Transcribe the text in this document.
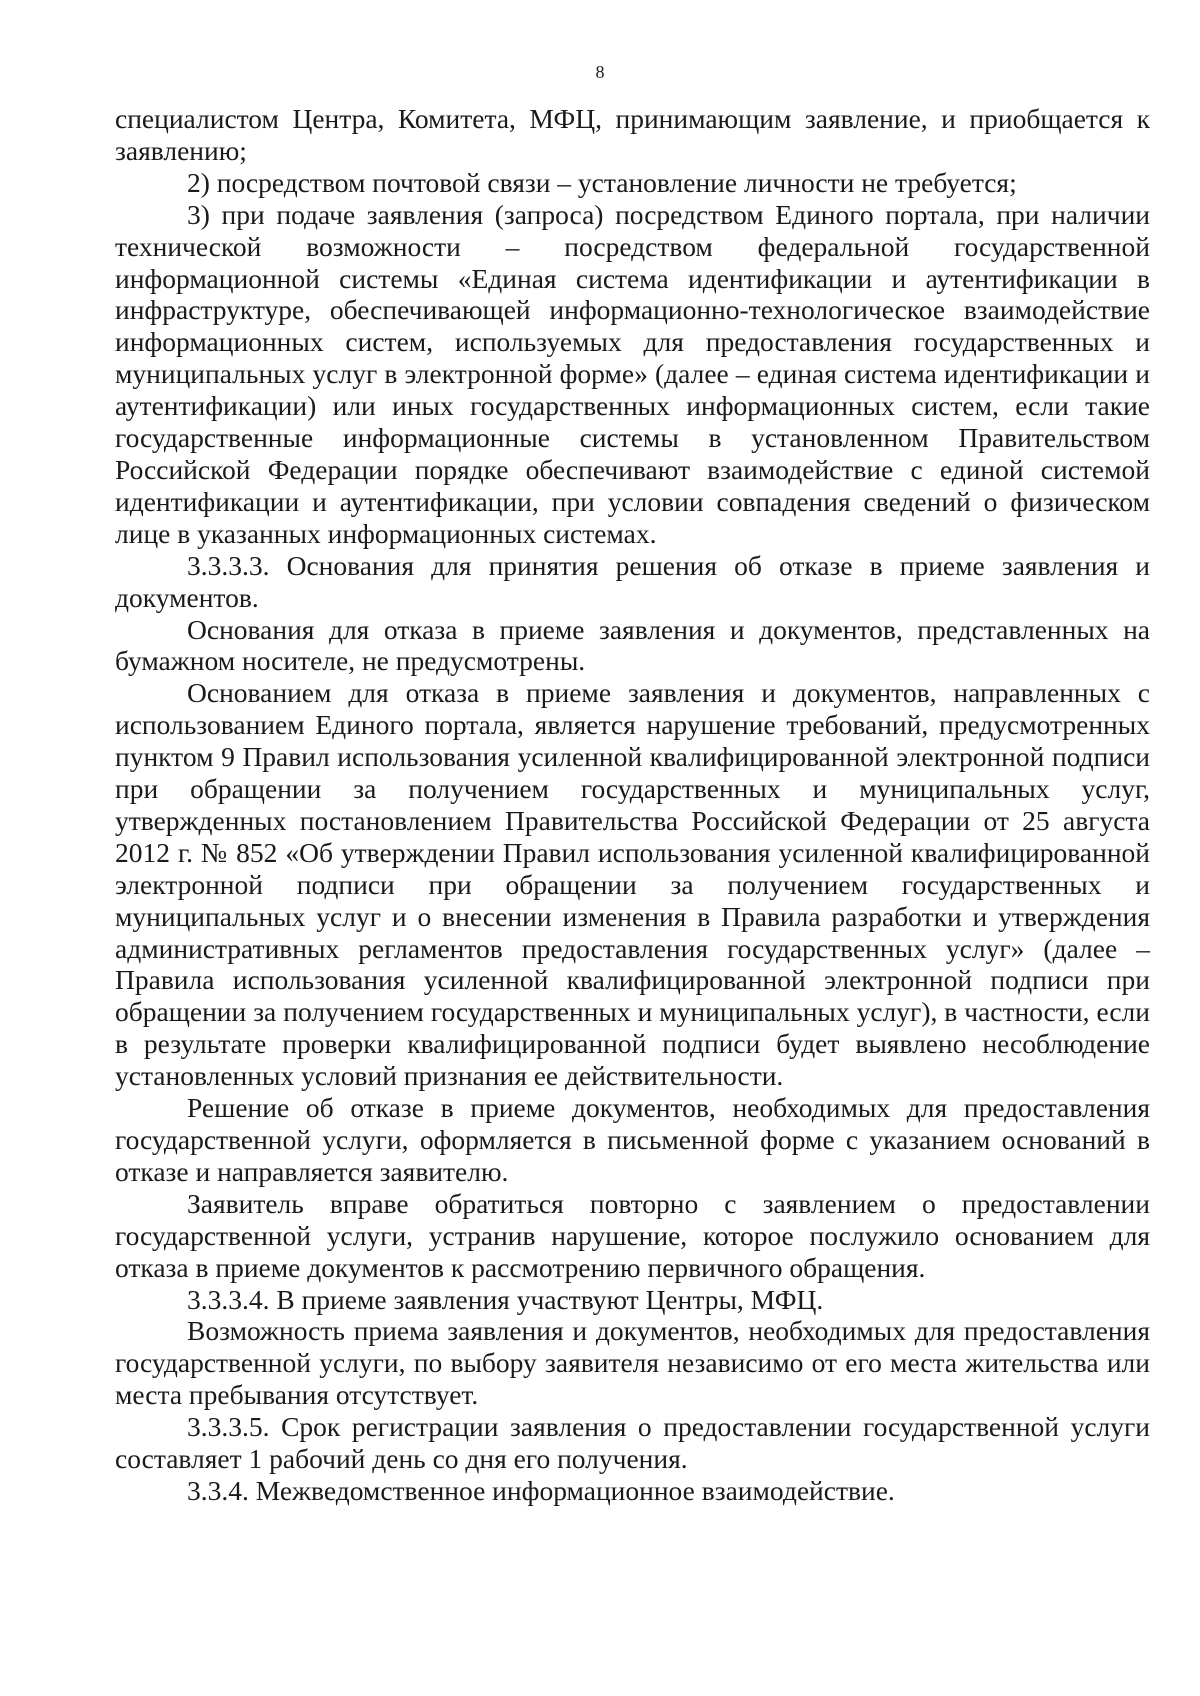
8

специалистом Центра, Комитета, МФЦ, принимающим заявление, и приобщается к заявлению;

2) посредством почтовой связи – установление личности не требуется;

3) при подаче заявления (запроса) посредством Единого портала, при наличии технической возможности – посредством федеральной государственной информационной системы «Единая система идентификации и аутентификации в инфраструктуре, обеспечивающей информационно-технологическое взаимодействие информационных систем, используемых для предоставления государственных и муниципальных услуг в электронной форме» (далее – единая система идентификации и аутентификации) или иных государственных информационных систем, если такие государственные информационные системы в установленном Правительством Российской Федерации порядке обеспечивают взаимодействие с единой системой идентификации и аутентификации, при условии совпадения сведений о физическом лице в указанных информационных системах.

3.3.3.3. Основания для принятия решения об отказе в приеме заявления и документов.

Основания для отказа в приеме заявления и документов, представленных на бумажном носителе, не предусмотрены.

Основанием для отказа в приеме заявления и документов, направленных с использованием Единого портала, является нарушение требований, предусмотренных пунктом 9 Правил использования усиленной квалифицированной электронной подписи при обращении за получением государственных и муниципальных услуг, утвержденных постановлением Правительства Российской Федерации от 25 августа 2012 г. № 852 «Об утверждении Правил использования усиленной квалифицированной электронной подписи при обращении за получением государственных и муниципальных услуг и о внесении изменения в Правила разработки и утверждения административных регламентов предоставления государственных услуг» (далее – Правила использования усиленной квалифицированной электронной подписи при обращении за получением государственных и муниципальных услуг), в частности, если в результате проверки квалифицированной подписи будет выявлено несоблюдение установленных условий признания ее действительности.

Решение об отказе в приеме документов, необходимых для предоставления государственной услуги, оформляется в письменной форме с указанием оснований в отказе и направляется заявителю.

Заявитель вправе обратиться повторно с заявлением о предоставлении государственной услуги, устранив нарушение, которое послужило основанием для отказа в приеме документов к рассмотрению первичного обращения.

3.3.3.4. В приеме заявления участвуют Центры, МФЦ.

Возможность приема заявления и документов, необходимых для предоставления государственной услуги, по выбору заявителя независимо от его места жительства или места пребывания отсутствует.

3.3.3.5. Срок регистрации заявления о предоставлении государственной услуги составляет 1 рабочий день со дня его получения.

3.3.4. Межведомственное информационное взаимодействие.
